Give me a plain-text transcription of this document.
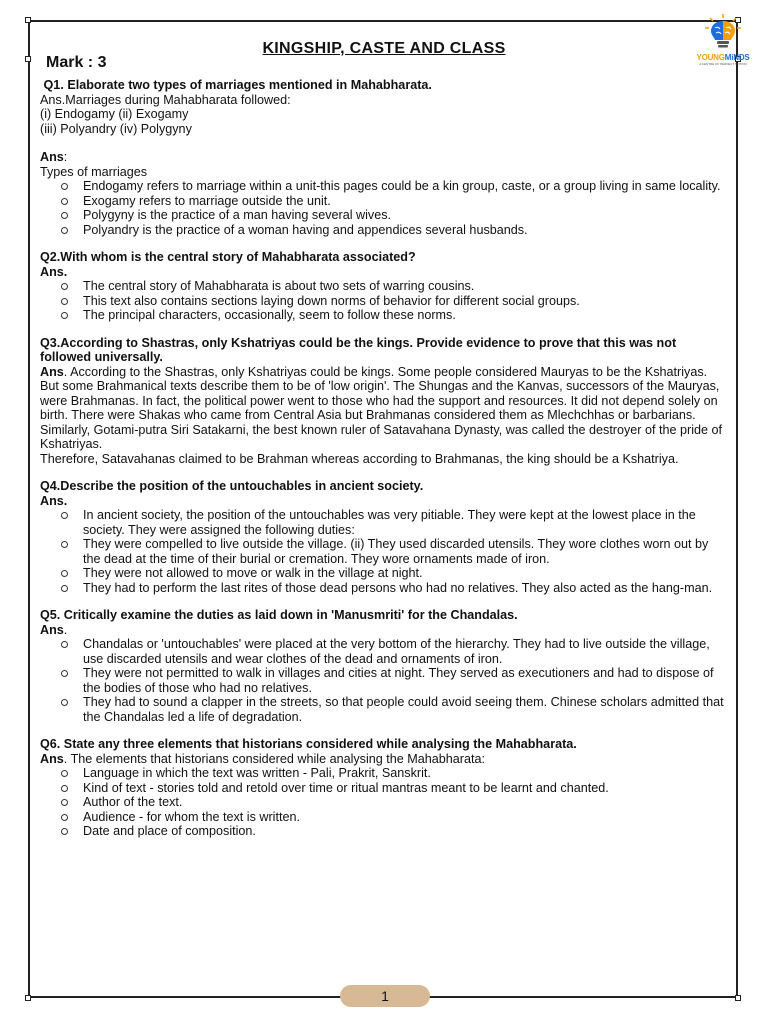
KINGSHIP, CASTE AND CLASS
Mark : 3	YOUNGMiNDS
A CENTRE OF PERFECT TUITION
Q1. Elaborate two types of marriages mentioned in Mahabharata.
Ans.Marriages during Mahabharata followed:
(i) Endogamy (ii) Exogamy
(iii) Polyandry (iv) Polygyny
Ans:
Types of marriages
Endogamy refers to marriage within a unit-this pages could be a kin group, caste, or a group living in same locality.
Exogamy refers to marriage outside the unit.
Polygyny is the practice of a man having several wives.
Polyandry is the practice of a woman having and appendices several husbands.
Q2.With whom is the central story of Mahabharata associated?
Ans.
The central story of Mahabharata is about two sets of warring cousins.
This text also contains sections laying down norms of behavior for different social groups.
The principal characters, occasionally, seem to follow these norms.
Q3.According to Shastras, only Kshatriyas could be the kings. Provide evidence to prove that this was not followed universally.
Ans. According to the Shastras, only Kshatriyas could be kings. Some people considered Mauryas to be the Kshatriyas. But some Brahmanical texts describe them to be of 'low origin'. The Shungas and the Kanvas, successors of the Mauryas, were Brahmanas. In fact, the political power went to those who had the support and resources. It did not depend solely on birth. There were Shakas who came from Central Asia but Brahmanas considered them as Mlechchhas or barbarians.
Similarly, Gotami-putra Siri Satakarni, the best known ruler of Satavahana Dynasty, was called the destroyer of the pride of Kshatriyas.
Therefore, Satavahanas claimed to be Brahman whereas according to Brahmanas, the king should be a Kshatriya.
Q4.Describe the position of the untouchables in ancient society.
Ans.
In ancient society, the position of the untouchables was very pitiable. They were kept at the lowest place in the society. They were assigned the following duties:
They were compelled to live outside the village. (ii) They used discarded utensils. They wore clothes worn out by the dead at the time of their burial or cremation. They wore ornaments made of iron.
They were not allowed to move or walk in the village at night.
They had to perform the last rites of those dead persons who had no relatives. They also acted as the hang-man.
Q5. Critically examine the duties as laid down in 'Manusmriti' for the Chandalas.
Ans.
Chandalas or 'untouchables' were placed at the very bottom of the hierarchy. They had to live outside the village, use discarded utensils and wear clothes of the dead and ornaments of iron.
They were not permitted to walk in villages and cities at night. They served as executioners and had to dispose of the bodies of those who had no relatives.
They had to sound a clapper in the streets, so that people could avoid seeing them. Chinese scholars admitted that the Chandalas led a life of degradation.
Q6. State any three elements that historians considered while analysing the Mahabharata.
Ans. The elements that historians considered while analysing the Mahabharata:
Language in which the text was written - Pali, Prakrit, Sanskrit.
Kind of text - stories told and retold over time or ritual mantras meant to be learnt and chanted.
Author of the text.
Audience - for whom the text is written.
Date and place of composition.
1
